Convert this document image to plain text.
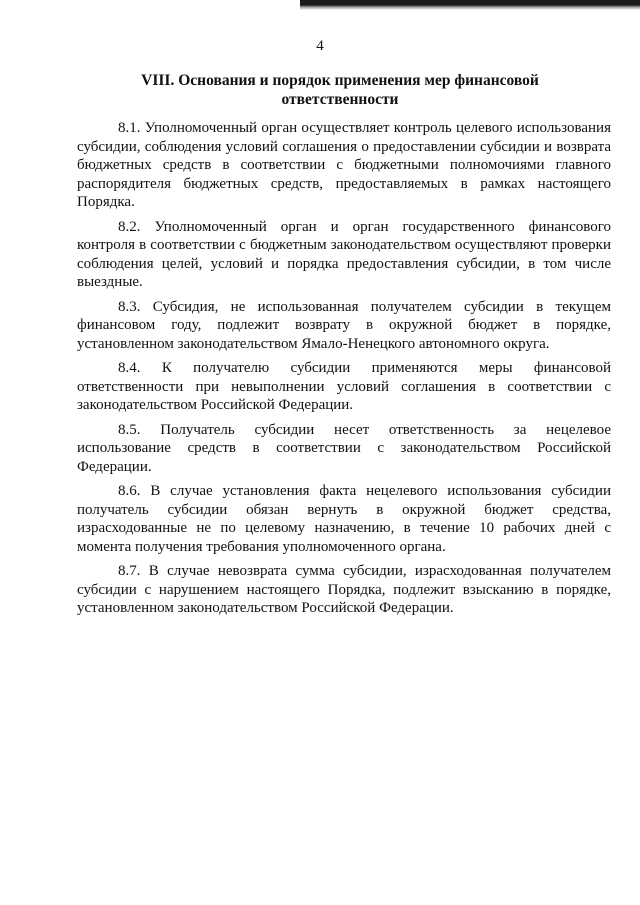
4
VIII. Основания и порядок применения мер финансовой ответственности

8.1. Уполномоченный орган осуществляет контроль целевого использования субсидии, соблюдения условий соглашения о предоставлении субсидии и возврата бюджетных средств в соответствии с бюджетными полномочиями главного распорядителя бюджетных средств, предоставляемых в рамках настоящего Порядка.

8.2. Уполномоченный орган и орган государственного финансового контроля в соответствии с бюджетным законодательством осуществляют проверки соблюдения целей, условий и порядка предоставления субсидии, в том числе выездные.

8.3. Субсидия, не использованная получателем субсидии в текущем финансовом году, подлежит возврату в окружной бюджет в порядке, установленном законодательством Ямало-Ненецкого автономного округа.

8.4. К получателю субсидии применяются меры финансовой ответственности при невыполнении условий соглашения в соответствии с законодательством Российской Федерации.

8.5. Получатель субсидии несет ответственность за нецелевое использование средств в соответствии с законодательством Российской Федерации.

8.6. В случае установления факта нецелевого использования субсидии получатель субсидии обязан вернуть в окружной бюджет средства, израсходованные не по целевому назначению, в течение 10 рабочих дней с момента получения требования уполномоченного органа.

8.7. В случае невозврата сумма субсидии, израсходованная получателем субсидии с нарушением настоящего Порядка, подлежит взысканию в порядке, установленном законодательством Российской Федерации.
